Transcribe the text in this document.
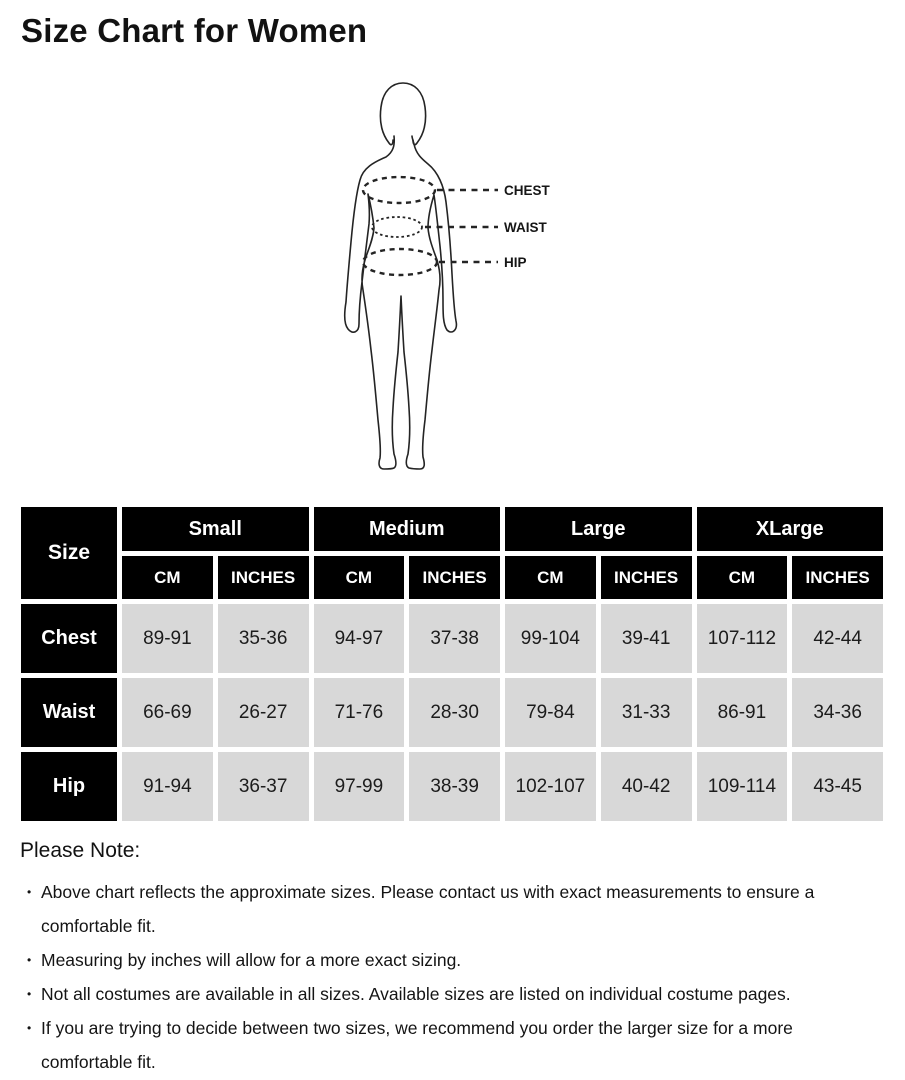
Size Chart for Women
CHEST
WAIST
HIP
Size
Small	Medium	Large	XLarge
CM	INCHES	CM	INCHES	CM	INCHES	CM	INCHES
Chest	89-91	35-36	94-97	37-38	99-104	39-41	107-112	42-44
Waist	66-69	26-27	71-76	28-30	79-84	31-33	86-91	34-36
Hip	91-94	36-37	97-99	38-39	102-107	40-42	109-114	43-45
Please Note:
• Above chart reflects the approximate sizes. Please contact us with exact measurements to ensure a comfortable fit.
• Measuring by inches will allow for a more exact sizing.
• Not all costumes are available in all sizes. Available sizes are listed on individual costume pages.
• If you are trying to decide between two sizes, we recommend you order the larger size for a more comfortable fit.
